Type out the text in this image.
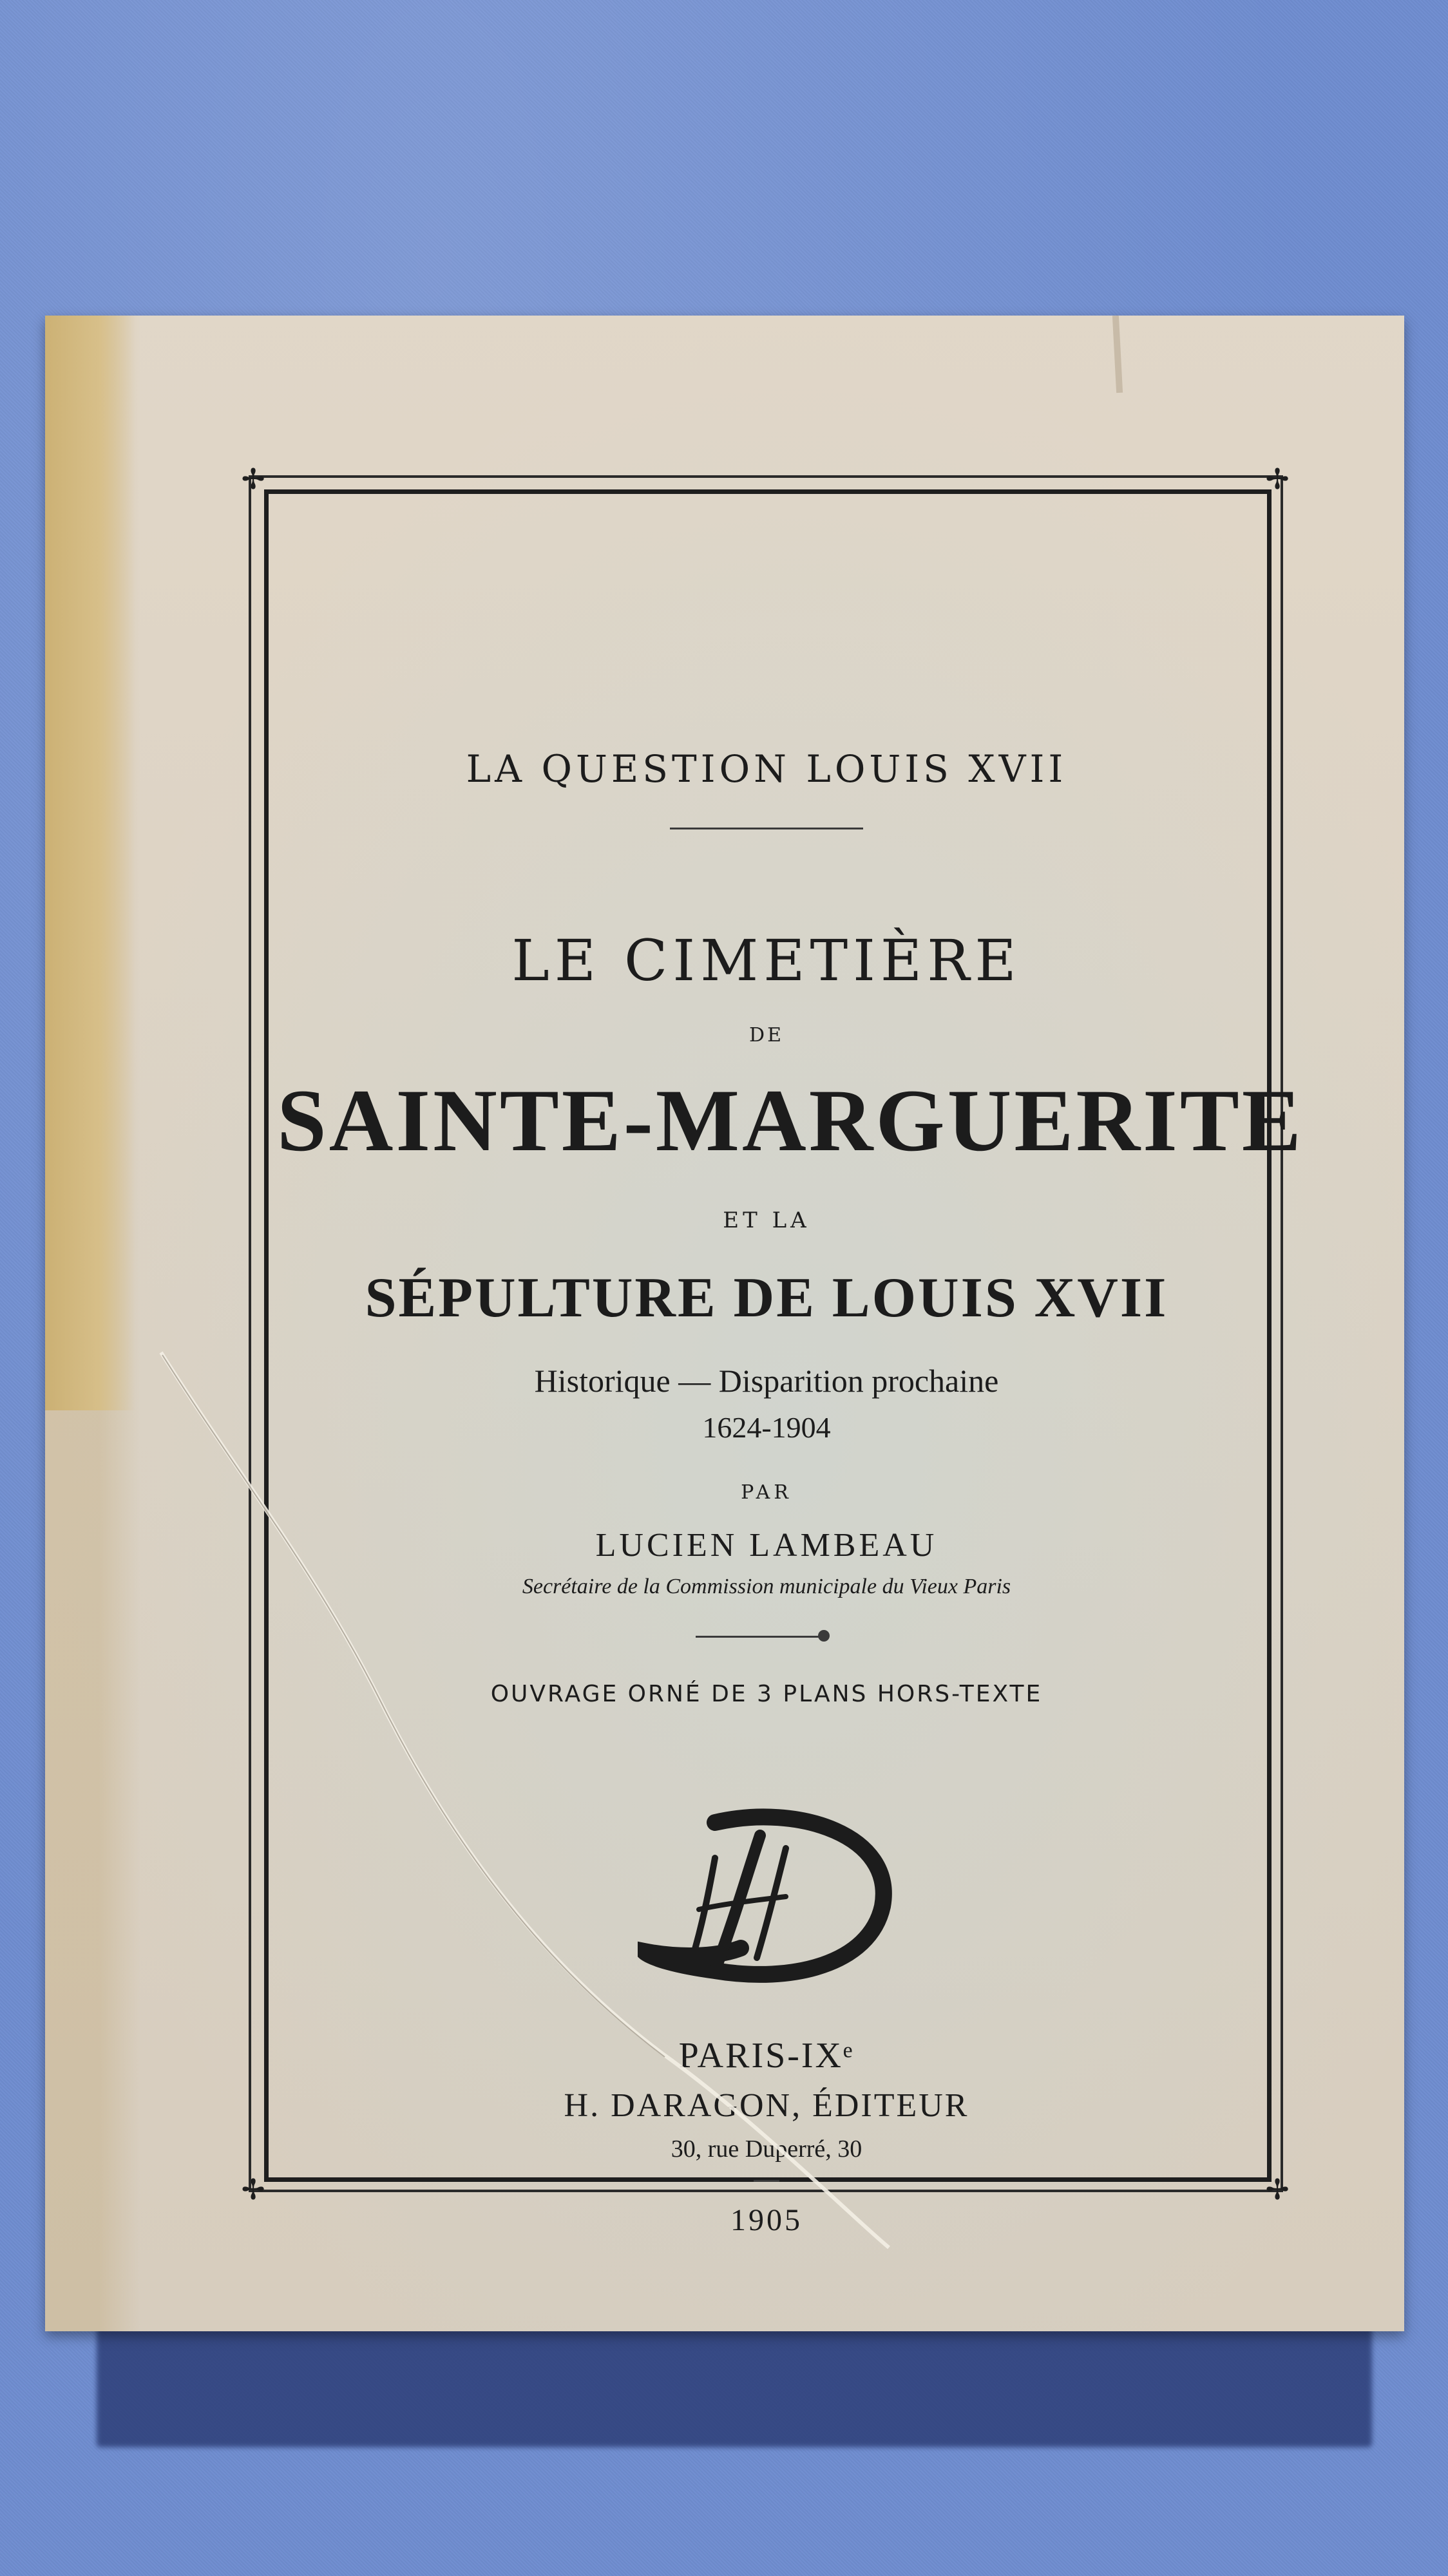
✢	✢
✢	✢
LA QUESTION LOUIS XVII
LE CIMETIÈRE
DE
SAINTE-MARGUERITE
ET LA
SÉPULTURE DE LOUIS XVII
Historique — Disparition prochaine
1624-1904
PAR
LUCIEN LAMBEAU
Secrétaire de la Commission municipale du Vieux Paris
OUVRAGE ORNÉ DE 3 PLANS HORS-TEXTE
HD
PARIS-IXᵉ
H. DARAGON, ÉDITEUR
30, rue Duperré, 30
1905
